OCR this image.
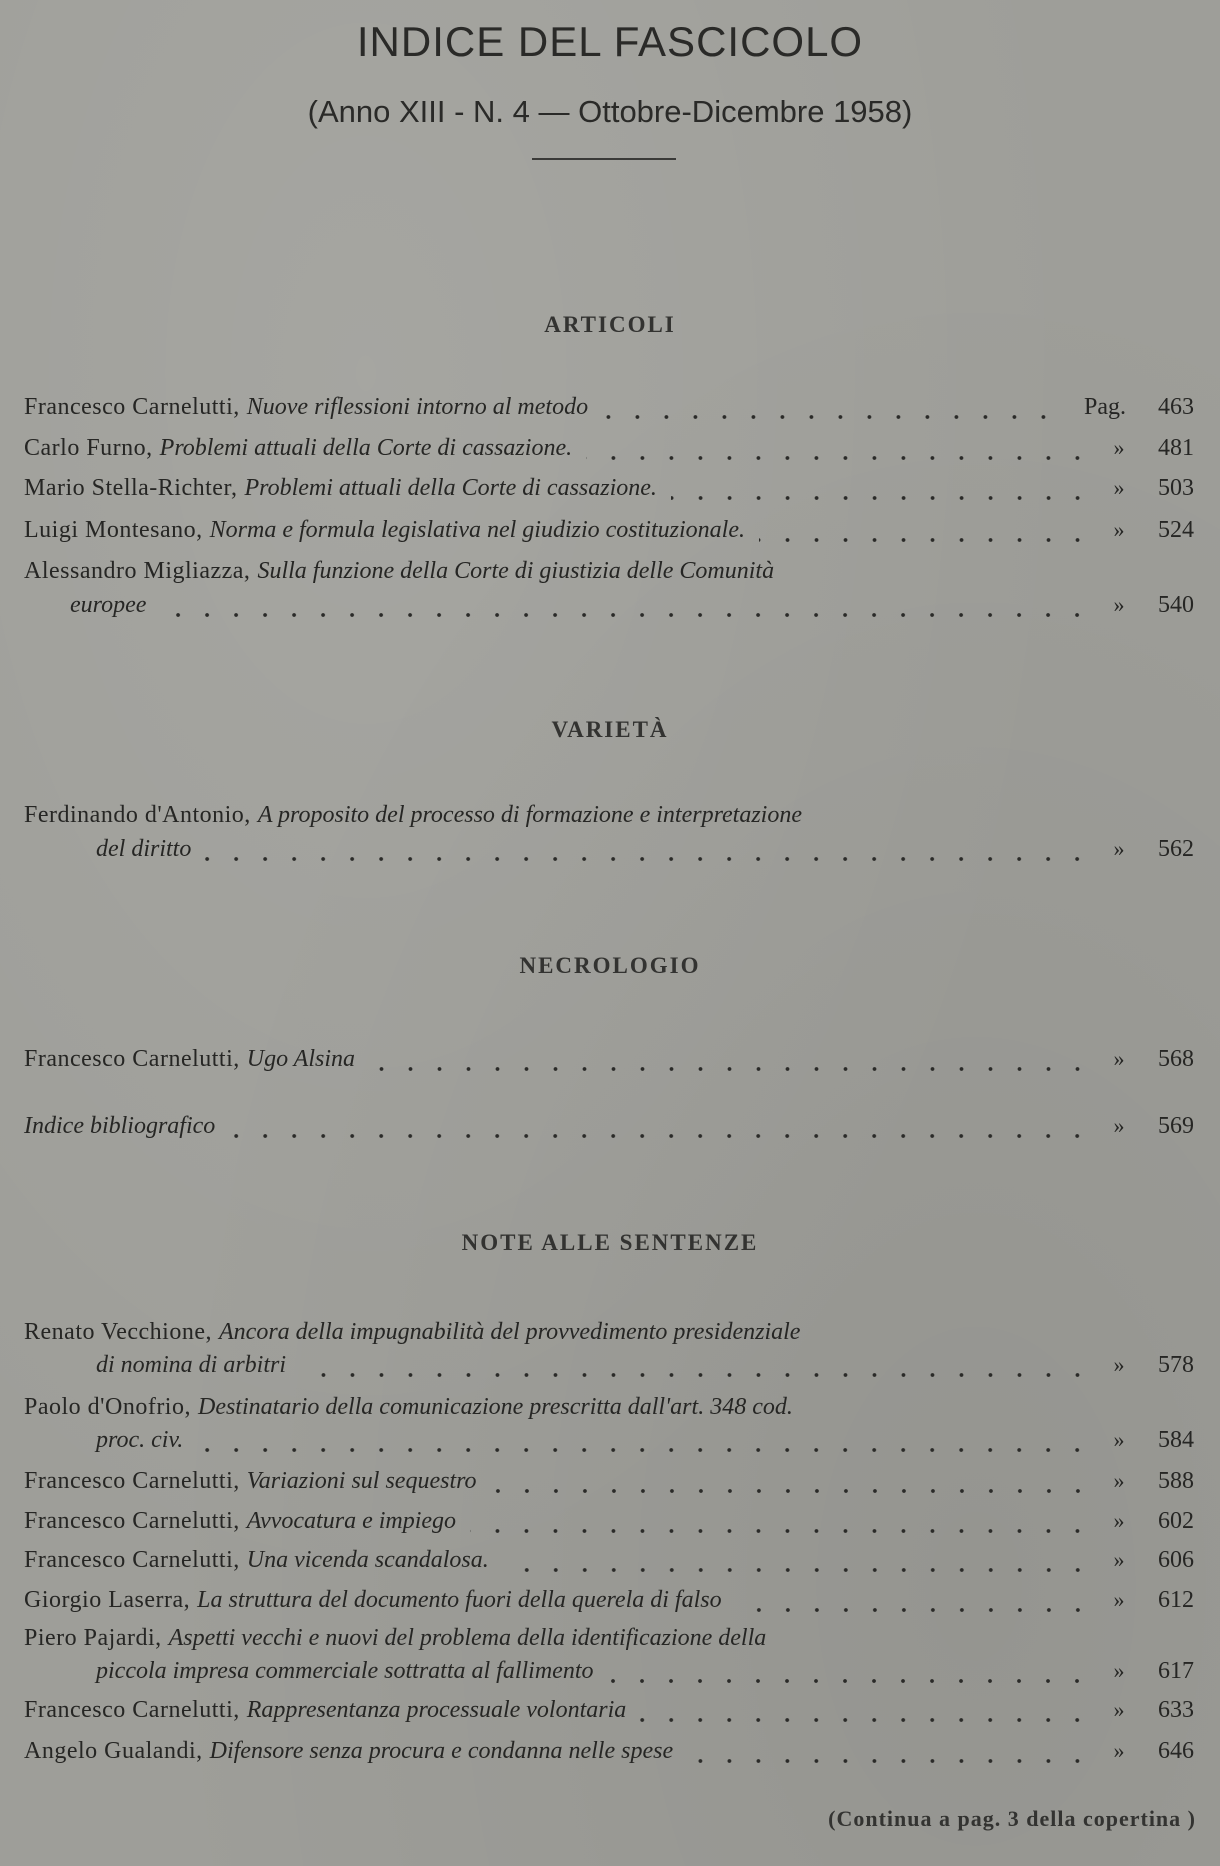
INDICE DEL FASCICOLO
(Anno XIII - N. 4 — Ottobre-Dicembre 1958)
ARTICOLI
Francesco Carnelutti, Nuove riflessioni intorno al metodo	Pag.	463
Carlo Furno, Problemi attuali della Corte di cassazione.	»	481
Mario Stella-Richter, Problemi attuali della Corte di cassazione.	»	503
Luigi Montesano, Norma e formula legislativa nel giudizio costituzionale.	»	524
Alessandro Migliazza, Sulla funzione della Corte di giustizia delle Comunità
europee	»	540
VARIETÀ
Ferdinando d'Antonio, A proposito del processo di formazione e interpretazione
del diritto	»	562
NECROLOGIO
Francesco Carnelutti, Ugo Alsina	»	568
Indice bibliografico	»	569
NOTE ALLE SENTENZE
Renato Vecchione, Ancora della impugnabilità del provvedimento presidenziale
di nomina di arbitri	»	578
Paolo d'Onofrio, Destinatario della comunicazione prescritta dall'art. 348 cod.
proc. civ.	»	584
Francesco Carnelutti, Variazioni sul sequestro	»	588
Francesco Carnelutti, Avvocatura e impiego	»	602
Francesco Carnelutti, Una vicenda scandalosa.	»	606
Giorgio Laserra, La struttura del documento fuori della querela di falso	»	612
Piero Pajardi, Aspetti vecchi e nuovi del problema della identificazione della
piccola impresa commerciale sottratta al fallimento	»	617
Francesco Carnelutti, Rappresentanza processuale volontaria	»	633
Angelo Gualandi, Difensore senza procura e condanna nelle spese	»	646
(Continua a pag. 3 della copertina )
